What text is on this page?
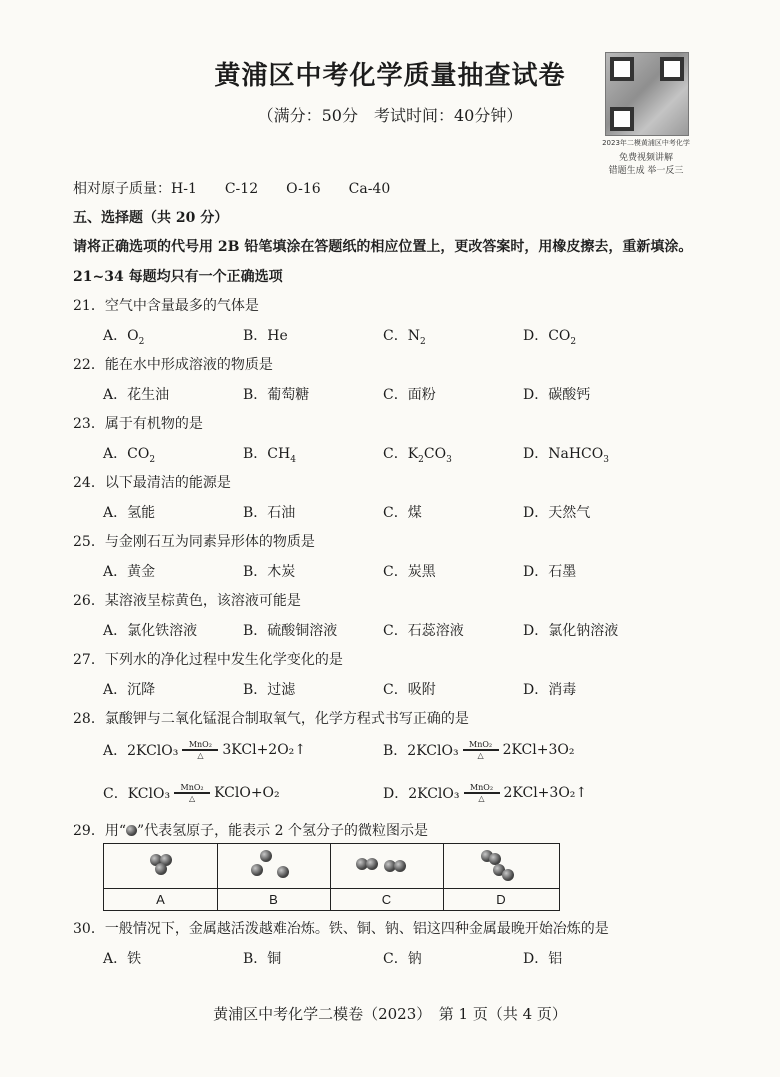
黄浦区中考化学质量抽查试卷
（满分：50分　考试时间：40分钟）
2023年二模黄浦区中考化学
免费视频讲解
错题生成 举一反三
相对原子质量：H-1　　C-12　　O-16　　Ca-40
五、选择题（共 20 分）
请将正确选项的代号用 2B 铅笔填涂在答题纸的相应位置上，更改答案时，用橡皮擦去，重新填涂。
21~34 每题均只有一个正确选项
21．空气中含量最多的气体是
A．$O_2$	B．He	C．$N_2$	D．$CO_2$
22．能在水中形成溶液的物质是
A．花生油	B．葡萄糖	C．面粉	D．碳酸钙
23．属于有机物的是
A．$CO_2$	B．$CH_4$	C．$K_2CO_3$	D．NaHCO$_3$
24．以下最清洁的能源是
A．氢能	B．石油	C．煤	D．天然气
25．与金刚石互为同素异形体的物质是
A．黄金	B．木炭	C．炭黑	D．石墨
26．某溶液呈棕黄色，该溶液可能是
A．氯化铁溶液	B．硫酸铜溶液	C．石蕊溶液	D．氯化钠溶液
27．下列水的净化过程中发生化学变化的是
A．沉降	B．过滤	C．吸附	D．消毒
28．氯酸钾与二氧化锰混合制取氧气，化学方程式书写正确的是
A．2KClO₃ MnO₂
△	3KCl+2O₂↑	B．2KClO₃ MnO₂
△	2KCl+3O₂
C．KClO₃ MnO₂
△	KClO+O₂	D．2KClO₃ MnO₂
△	2KCl+3O₂↑
29．用“ ”代表氢原子，能表示 2 个氢分子的微粒图示是
A	B	C	D
30．一般情况下，金属越活泼越难冶炼。铁、铜、钠、铝这四种金属最晚开始冶炼的是
A．铁	B．铜	C．钠	D．铝
黄浦区中考化学二模卷（2023）　第 1 页（共 4 页）
